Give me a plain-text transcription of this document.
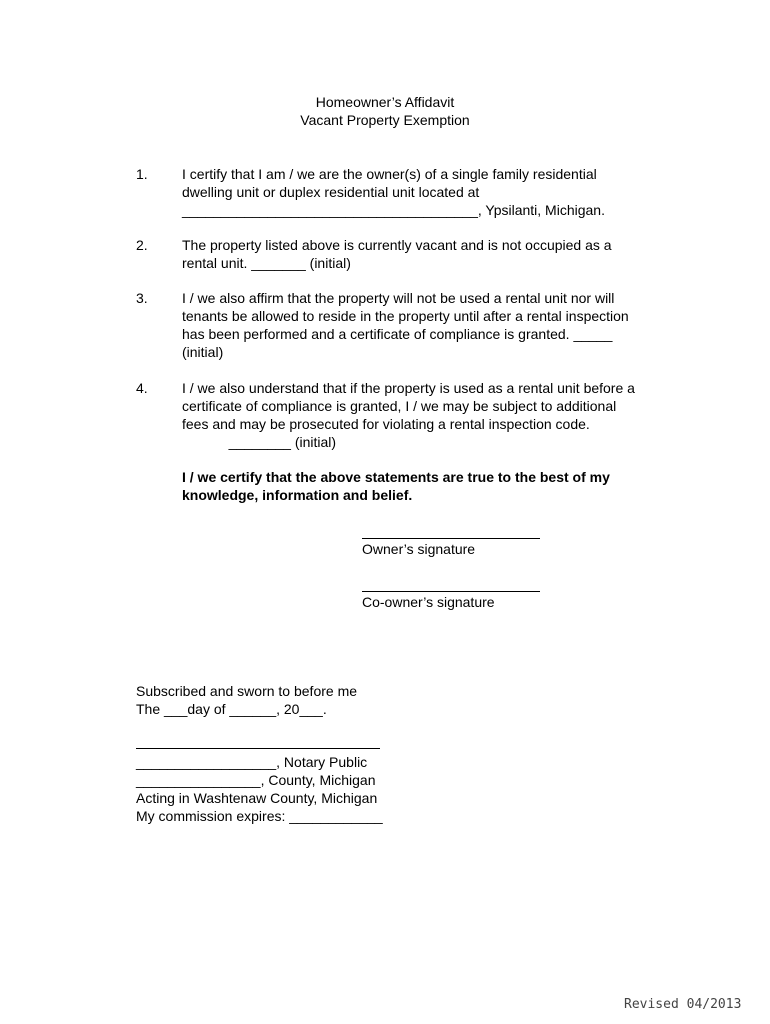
Homeowner’s Affidavit
Vacant Property Exemption
1. I certify that I am / we are the owner(s) of a single family residential
dwelling unit or duplex residential unit located at
______________________________________, Ypsilanti, Michigan.
2. The property listed above is currently vacant and is not occupied as a
rental unit. _______ (initial)
3. I / we also affirm that the property will not be used a rental unit nor will
tenants be allowed to reside in the property until after a rental inspection
has been performed and a certificate of compliance is granted. _____
(initial)
4. I / we also understand that if the property is used as a rental unit before a
certificate of compliance is granted, I / we may be subject to additional
fees and may be prosecuted for violating a rental inspection code.
________ (initial)
I / we certify that the above statements are true to the best of my
knowledge, information and belief.
Owner’s signature
Co-owner’s signature
Subscribed and sworn to before me
The ___day of ______, 20___.
__________________, Notary Public
________________, County, Michigan
Acting in Washtenaw County, Michigan
My commission expires: ____________
Revised 04/2013
